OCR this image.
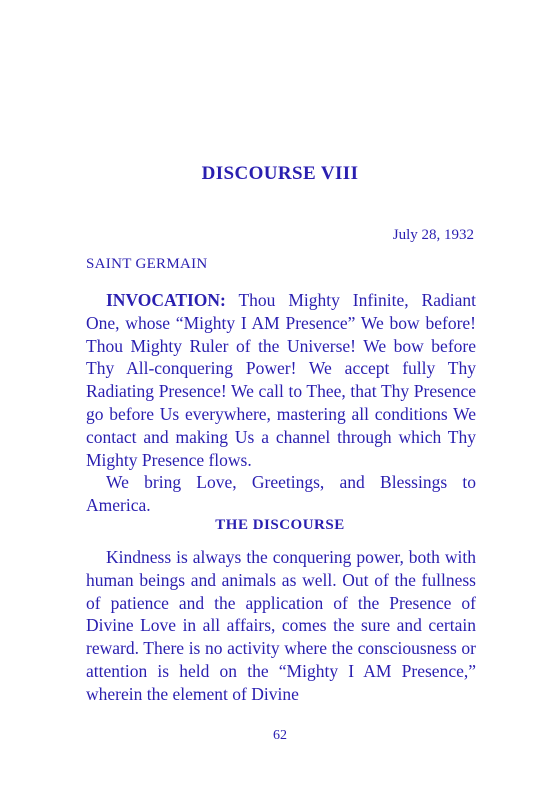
DISCOURSE VIII
July 28, 1932
SAINT GERMAIN

INVOCATION: Thou Mighty Infinite, Radiant One, whose “Mighty I AM Presence” We bow before! Thou Mighty Ruler of the Universe! We bow before Thy All-conquering Power! We accept fully Thy Radiating Presence! We call to Thee, that Thy Presence go before Us everywhere, mastering all conditions We contact and making Us a channel through which Thy Mighty Presence flows.

We bring Love, Greetings, and Blessings to America.

THE DISCOURSE

Kindness is always the conquering power, both with human beings and animals as well. Out of the fullness of patience and the application of the Presence of Divine Love in all affairs, comes the sure and certain reward. There is no activity where the consciousness or attention is held on the “Mighty I AM Presence,” wherein the element of Divine

62
